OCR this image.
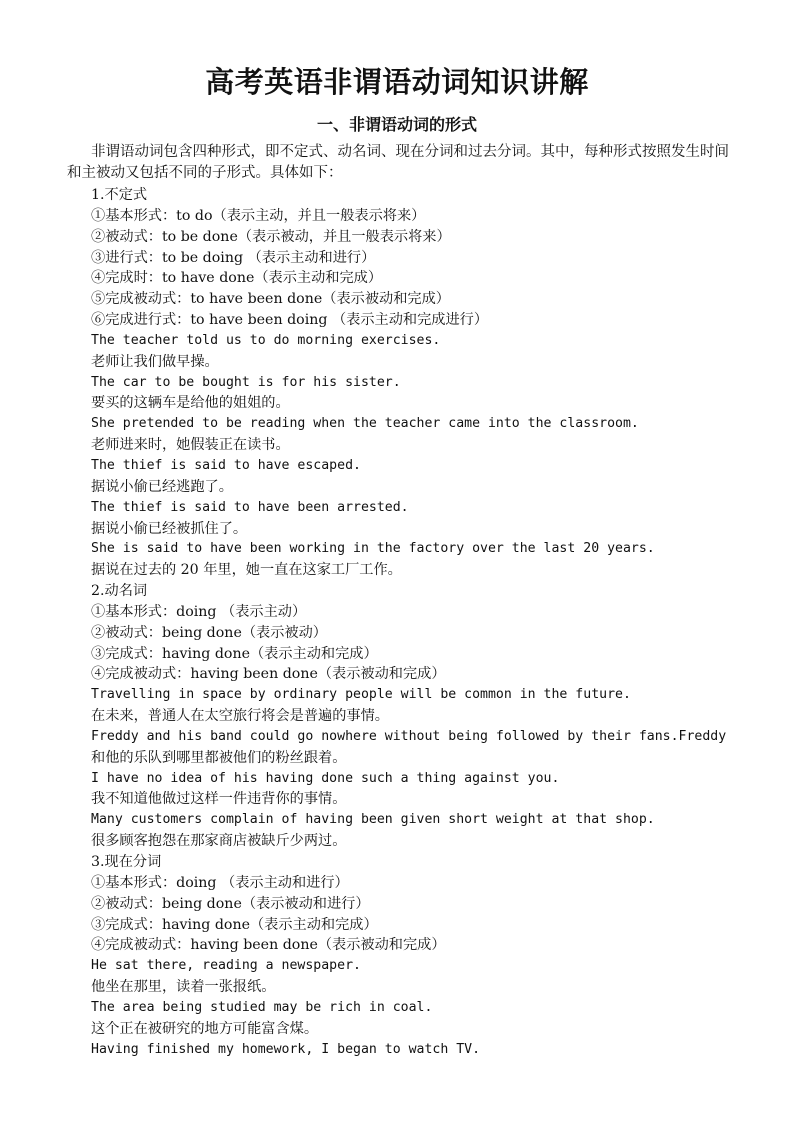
高考英语非谓语动词知识讲解
一、非谓语动词的形式
非谓语动词包含四种形式，即不定式、动名词、现在分词和过去分词。其中，每种形式按照发生时间和主被动又包括不同的子形式。具体如下：
1.不定式
①基本形式：to do（表示主动，并且一般表示将来）
②被动式：to be done（表示被动，并且一般表示将来）
③进行式：to be doing （表示主动和进行）
④完成时：to have done（表示主动和完成）
⑤完成被动式：to have been done（表示被动和完成）
⑥完成进行式：to have been doing （表示主动和完成进行）
The teacher told us to do morning exercises.
老师让我们做早操。
The car to be bought is for his sister.
要买的这辆车是给他的姐姐的。
She pretended to be reading when the teacher came into the classroom.
老师进来时，她假装正在读书。
The thief is said to have escaped.
据说小偷已经逃跑了。
The thief is said to have been arrested.
据说小偷已经被抓住了。
She is said to have been working in the factory over the last 20 years.
据说在过去的 20 年里，她一直在这家工厂工作。
2.动名词
①基本形式：doing （表示主动）
②被动式：being done（表示被动）
③完成式：having done（表示主动和完成）
④完成被动式：having been done（表示被动和完成）
Travelling in space by ordinary people will be common in the future.
在未来，普通人在太空旅行将会是普遍的事情。
Freddy and his band could go nowhere without being followed by their fans.Freddy
和他的乐队到哪里都被他们的粉丝跟着。
I have no idea of his having done such a thing against you.
我不知道他做过这样一件违背你的事情。
Many customers complain of having been given short weight at that shop.
很多顾客抱怨在那家商店被缺斤少两过。
3.现在分词
①基本形式：doing （表示主动和进行）
②被动式：being done（表示被动和进行）
③完成式：having done（表示主动和完成）
④完成被动式：having been done（表示被动和完成）
He sat there, reading a newspaper.
他坐在那里，读着一张报纸。
The area being studied may be rich in coal.
这个正在被研究的地方可能富含煤。
Having finished my homework, I began to watch TV.
